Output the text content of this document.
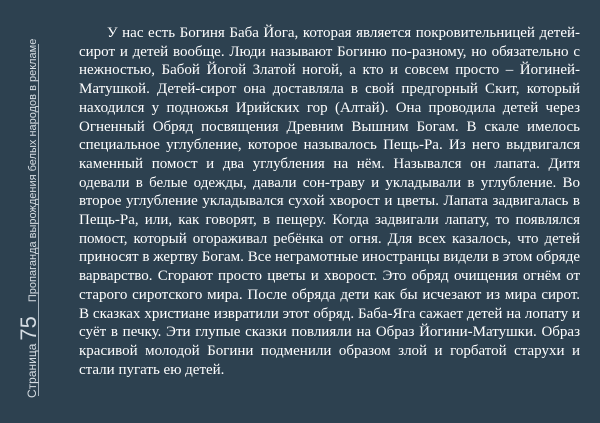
Страница
75
Пропаганда вырождения белых народов в рекламе

У нас есть Богиня Баба Йога, которая является покровительницей детей-сирот и детей вообще. Люди называют Богиню по-разному, но обязательно с нежностью, Бабой Йогой Златой ногой, а кто и совсем просто – Йогиней-Матушкой. Детей-сирот она доставляла в свой предгорный Скит, который находился у подножья Ирийских гор (Алтай). Она проводила детей через Огненный Обряд посвящения Древним Вышним Богам. В скале имелось специальное углубление, которое называлось Пещь-Ра. Из него выдвигался каменный помост и два углубления на нём. Назывался он лапата. Дитя одевали в белые одежды, давали сон-траву и укладывали в углубление. Во второе углубление укладывался сухой хворост и цветы. Лапата задвигалась в Пещь-Ра, или, как говорят, в пещеру. Когда задвигали лапату, то появлялся помост, который огораживал ребёнка от огня. Для всех казалось, что детей приносят в жертву Богам. Все неграмотные иностранцы видели в этом обряде варварство. Сгорают просто цветы и хворост. Это обряд очищения огнём от старого сиротского мира. После обряда дети как бы исчезают из мира сирот. В сказках христиане извратили этот обряд. Баба-Яга сажает детей на лопату и суёт в печку. Эти глупые сказки повлияли на Образ Йогини-Матушки. Образ красивой молодой Богини подменили образом злой и горбатой старухи и стали пугать ею детей.
